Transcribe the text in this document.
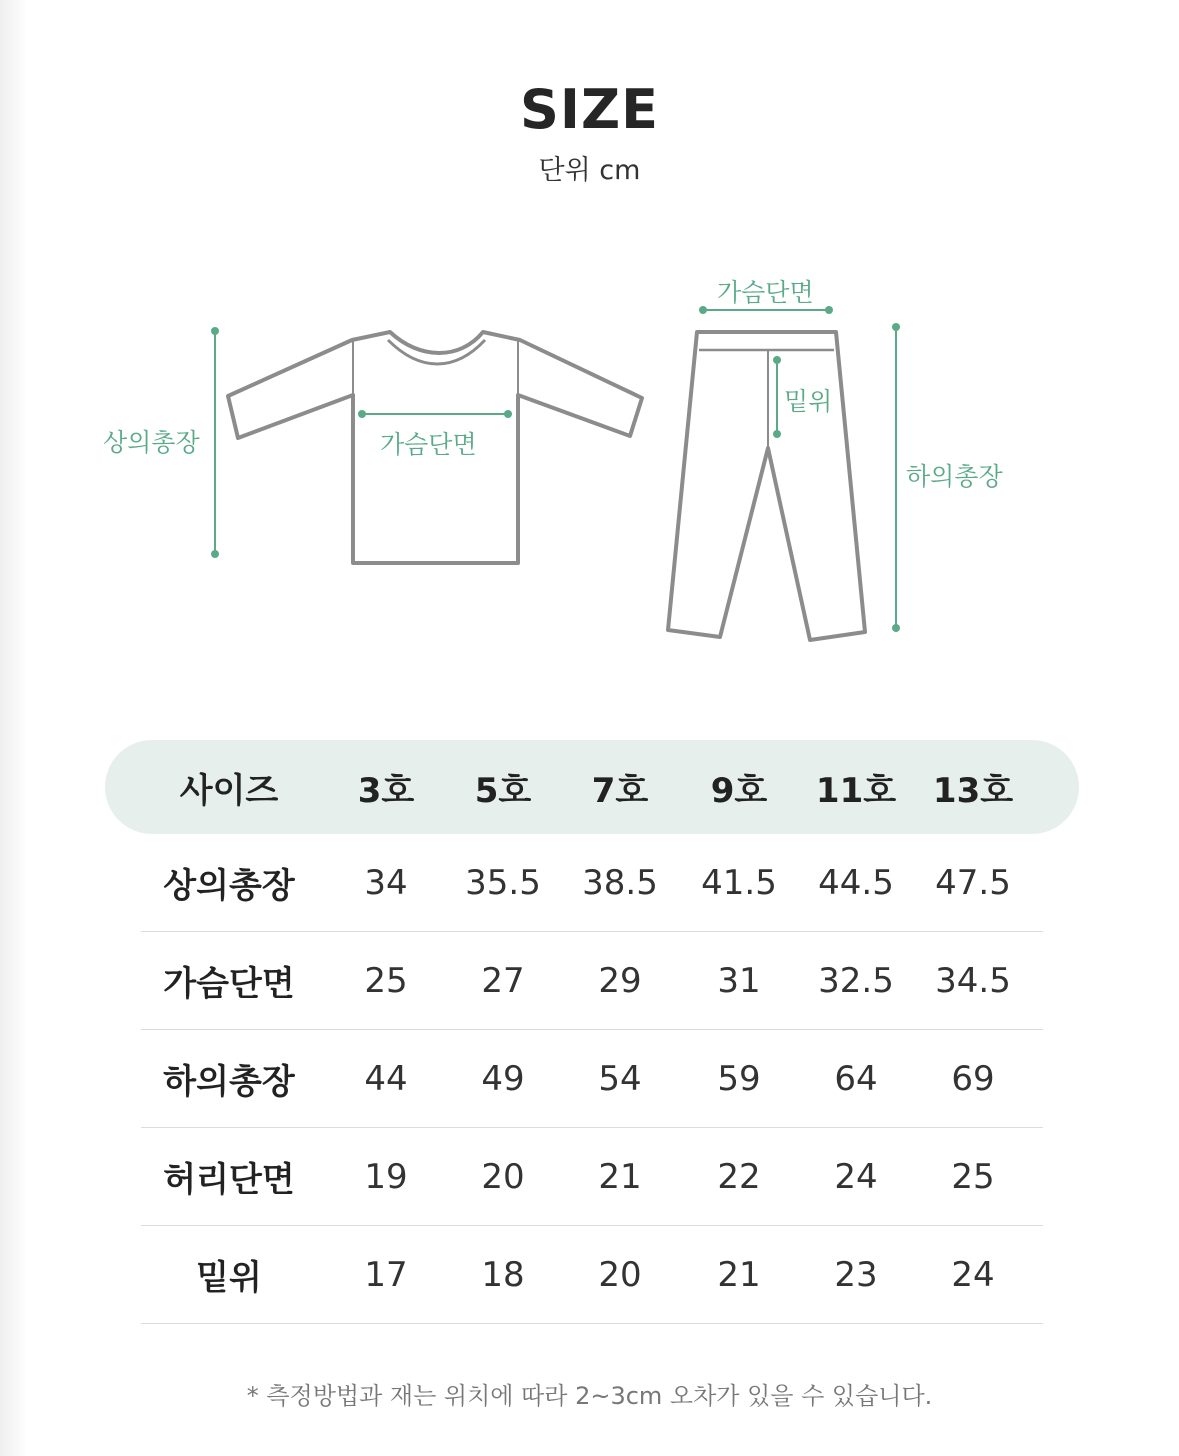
SIZE
단위 cm
상의총장	가슴단면
가슴단면
밑위
하의총장
사이즈	3호	5호	7호	9호	11호	13호
상의총장	34	35.5	38.5	41.5	44.5	47.5
가슴단면	25	27	29	31	32.5	34.5
하의총장	44	49	54	59	64	69
허리단면	19	20	21	22	24	25
밑위	17	18	20	21	23	24
* 측정방법과 재는 위치에 따라 2~3cm 오차가 있을 수 있습니다.
